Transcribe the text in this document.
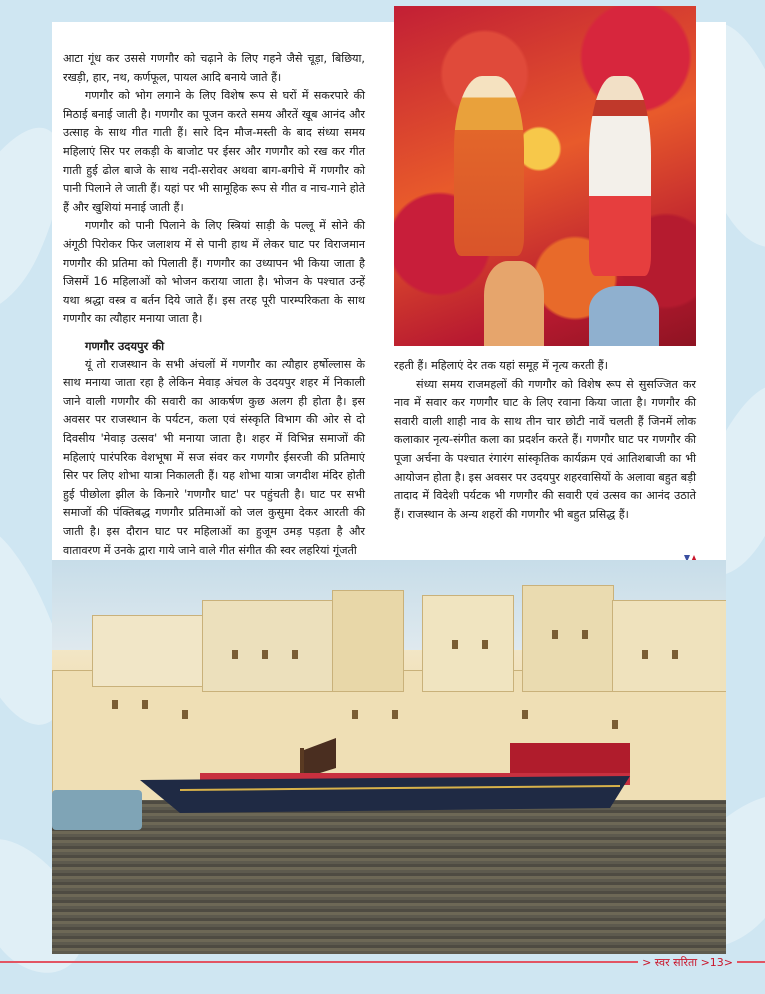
आटा गूंध कर उससे गणगौर को चढ़ाने के लिए गहने जैसे चूड़ा, बिछिया, रखड़ी, हार, नथ, कर्णफूल, पायल आदि बनाये जाते हैं।

गणगौर को भोग लगाने के लिए विशेष रूप से घरों में सकरपारे की मिठाई बनाई जाती है। गणगौर का पूजन करते समय औरतें खूब आनंद और उत्साह के साथ गीत गाती हैं। सारे दिन मौज-मस्ती के बाद संध्या समय महिलाएं सिर पर लकड़ी के बाजोट पर ईसर और गणगौर को रख कर गीत गाती हुई ढोल बाजे के साथ नदी-सरोवर अथवा बाग-बगीचे में गणगौर को पानी पिलाने ले जाती हैं। यहां पर भी सामूहिक रूप से गीत व नाच-गाने होते हैं और खुशियां मनाई जाती हैं।

गणगौर को पानी पिलाने के लिए स्त्रियां साड़ी के पल्लू में सोने की अंगूठी पिरोकर फिर जलाशय में से पानी हाथ में लेकर घाट पर विराजमान गणगौर की प्रतिमा को पिलाती हैं। गणगौर का उध्यापन भी किया जाता है जिसमें 16 महिलाओं को भोजन कराया जाता है। भोजन के पश्चात उन्हें यथा श्रद्धा वस्त्र व बर्तन दिये जाते हैं। इस तरह पूरी पारम्परिकता के साथ गणगौर का त्यौहार मनाया जाता है।

गणगौर उदयपुर की

यूं तो राजस्थान के सभी अंचलों में गणगौर का त्यौहार हर्षोल्लास के साथ मनाया जाता रहा है लेकिन मेवाड़ अंचल के उदयपुर शहर में निकाली जाने वाली गणगौर की सवारी का आकर्षण कुछ अलग ही होता है। इस अवसर पर राजस्थान के पर्यटन, कला एवं संस्कृति विभाग की ओर से दो दिवसीय 'मेवाड़ उत्सव' भी मनाया जाता है। शहर में विभिन्न समाजों की महिलाएं पारंपरिक वेशभूषा में सज संवर कर गणगौर ईसरजी की प्रतिमाएं सिर पर लिए शोभा यात्रा निकालती हैं। यह शोभा यात्रा जगदीश मंदिर होती हुई पीछोला झील के किनारे 'गणगौर घाट' पर पहुंचती है। घाट पर सभी समाजों की पंक्तिबद्ध गणगौर प्रतिमाओं को जल कुसुमा देकर आरती की जाती है। इस दौरान घाट पर महिलाओं का हुजूम उमड़ पड़ता है और वातावरण में उनके द्वारा गाये जाने वाले गीत संगीत की स्वर लहरियां गूंजती

रहती हैं। महिलाएं देर तक यहां समूह में नृत्य करती हैं।

संध्या समय राजमहलों की गणगौर को विशेष रूप से सुसज्जित कर नाव में सवार कर गणगौर घाट के लिए रवाना किया जाता है। गणगौर की सवारी वाली शाही नाव के साथ तीन चार छोटी नावें चलती हैं जिनमें लोक कलाकार नृत्य-संगीत कला का प्रदर्शन करते हैं। गणगौर घाट पर गणगौर की पूजा अर्चना के पश्चात रंगारंग सांस्कृतिक कार्यक्रम एवं आतिशबाजी का भी आयोजन होता है। इस अवसर पर उदयपुर शहरवासियों के अलावा बहुत बड़ी तादाद में विदेशी पर्यटक भी गणगौर की सवारी एवं उत्सव का आनंद उठाते हैं। राजस्थान के अन्य शहरों की गणगौर भी बहुत प्रसिद्ध हैं।

> स्वर सरिता >13>
